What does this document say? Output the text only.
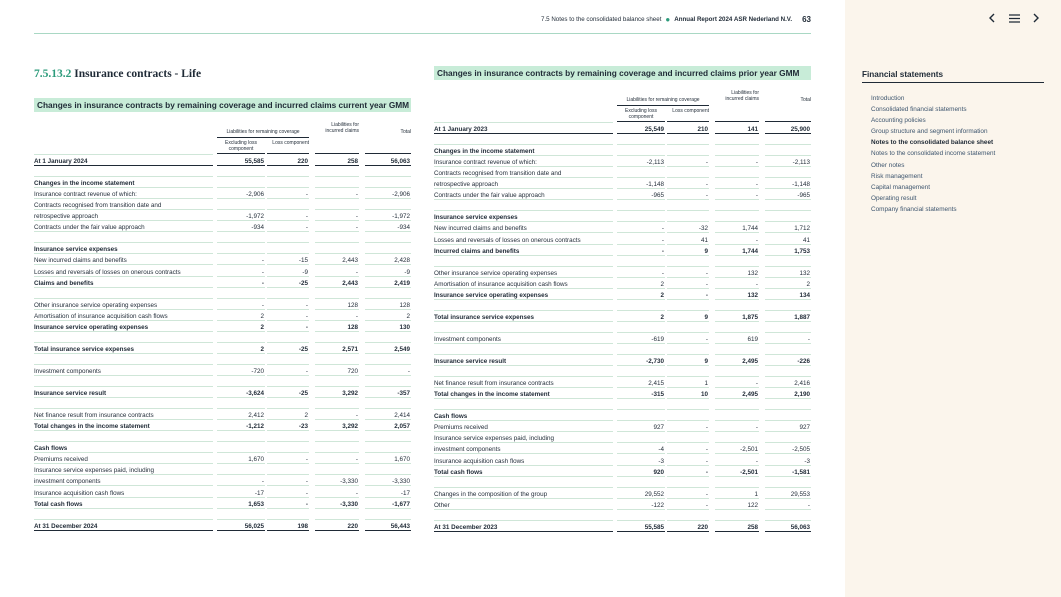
7.5 Notes to the consolidated balance sheet ● Annual Report 2024 ASR Nederland N.V. 63
7.5.13.2 Insurance contracts - Life
Changes in insurance contracts by remaining coverage and incurred claims current year GMM
Liabilities for remaining coverage
Excluding loss component
Loss component
Liabilities for incurred claims	Total
At 1 January 2024	55,585	220	258	56,063
Changes in the income statement
Insurance contract revenue of which:	-2,906	-	-	-2,906
Contracts recognised from transition date and
retrospective approach	-1,972	-	-	-1,972
Contracts under the fair value approach	-934	-	-	-934
Insurance service expenses
New incurred claims and benefits	-	-15	2,443	2,428
Losses and reversals of losses on onerous contracts	-	-9	-	-9
Claims and benefits	-	-25	2,443	2,419
Other insurance service operating expenses	-	-	128	128
Amortisation of insurance acquisition cash flows	2	-	-	2
Insurance service operating expenses	2	-	128	130
Total insurance service expenses	2	-25	2,571	2,549
Investment components	-720	-	720	-
Insurance service result	-3,624	-25	3,292	-357
Net finance result from insurance contracts	2,412	2	-	2,414
Total changes in the income statement	-1,212	-23	3,292	2,057
Cash flows
Premiums received	1,670	-	-	1,670
Insurance service expenses paid, including
investment components	-	-	-3,330	-3,330
Insurance acquisition cash flows	-17	-	-	-17
Total cash flows	1,653	-	-3,330	-1,677
At 31 December 2024	56,025	198	220	56,443
Changes in insurance contracts by remaining coverage and incurred claims prior year GMM
Liabilities for remaining coverage
Excluding loss component
Loss component
Liabilities for incurred claims	Total
At 1 January 2023	25,549	210	141	25,900
Changes in the income statement
Insurance contract revenue of which:	-2,113	-	-	-2,113
Contracts recognised from transition date and
retrospective approach	-1,148	-	-	-1,148
Contracts under the fair value approach	-965	-	-	-965
Insurance service expenses
New incurred claims and benefits	-	-32	1,744	1,712
Losses and reversals of losses on onerous contracts	-	41	-	41
Incurred claims and benefits	-	9	1,744	1,753
Other insurance service operating expenses	-	-	132	132
Amortisation of insurance acquisition cash flows	2	-	-	2
Insurance service operating expenses	2	-	132	134
Total insurance service expenses	2	9	1,875	1,887
Investment components	-619	-	619	-
Insurance service result	-2,730	9	2,495	-226
Net finance result from insurance contracts	2,415	1	-	2,416
Total changes in the income statement	-315	10	2,495	2,190
Cash flows
Premiums received	927	-	-	927
Insurance service expenses paid, including
investment components	-4	-	-2,501	-2,505
Insurance acquisition cash flows	-3	-	-	-3
Total cash flows	920	-	-2,501	-1,581
Changes in the composition of the group	29,552	-	1	29,553
Other	-122	-	122	-
At 31 December 2023	55,585	220	258	56,063
Financial statements
Introduction
Consolidated financial statements
Accounting policies
Group structure and segment information
Notes to the consolidated balance sheet
Notes to the consolidated income statement
Other notes
Risk management
Capital management
Operating result
Company financial statements
